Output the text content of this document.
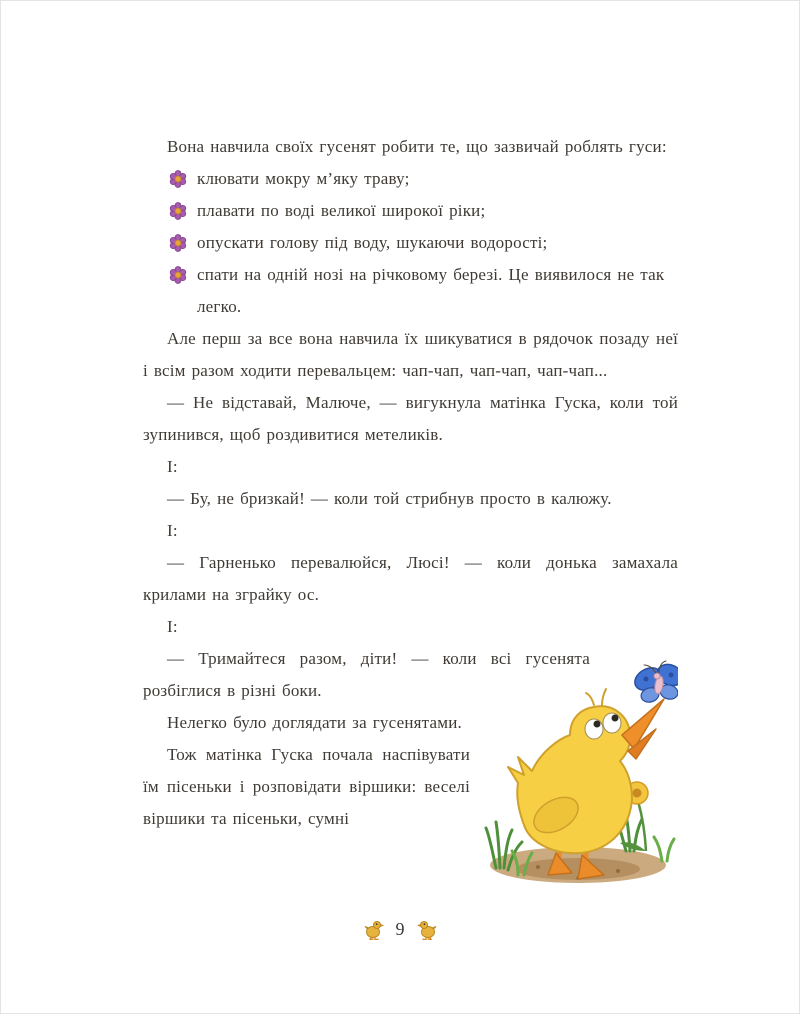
Вона навчила своїх гусенят робити те, що зазвичай роблять гуси:

клювати мокру м’яку траву;
плавати по воді великої широкої ріки;
опускати голову під воду, шукаючи водорості;
спати на одній нозі на річковому березі. Це виявилося не так легко.

Але перш за все вона навчила їх шикуватися в рядочок позаду неї і всім разом ходити перевальцем: чап-чап, чап-чап, чап-чап...

— Не відставай, Малюче, — вигукнула матінка Гуска, коли той зупинився, щоб роздивитися метеликів.

І:

— Бу, не бризкай! — коли той стрибнув просто в калюжу.

І:

— Гарненько перевалюйся, Люсі! — коли донька замахала крилами на зграйку ос.

І:

— Тримайтеся разом, діти! — коли всі гусенята розбіглися в різні боки.

Нелегко було доглядати за гусенятами.

Тож матінка Гуска почала наспівувати їм пісеньки і розповідати віршики: веселі віршики та пісеньки, сумні

9
